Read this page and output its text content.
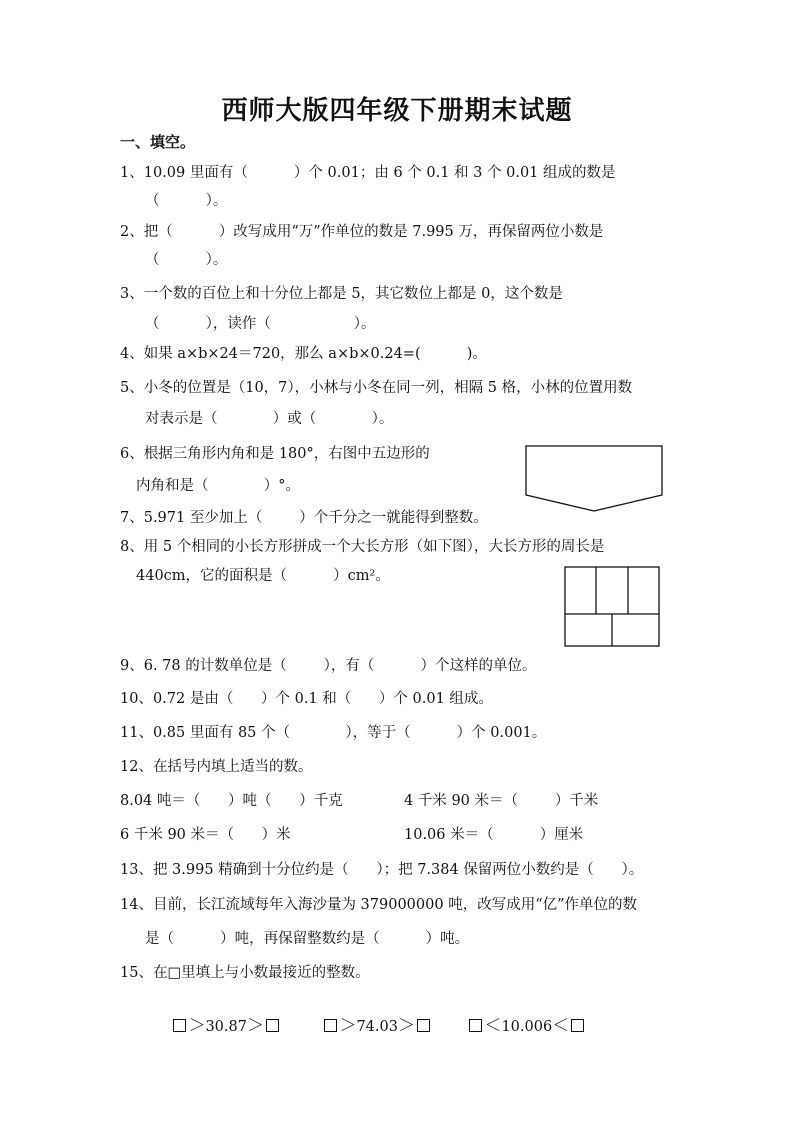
西师大版四年级下册期末试题
一、填空。
1、10.09 里面有（          ）个 0.01；由 6 个 0.1 和 3 个 0.01 组成的数是
（          ）。
2、把（          ）改写成用“万”作单位的数是 7.995 万，再保留两位小数是
（          ）。
3、一个数的百位上和十分位上都是 5，其它数位上都是 0，这个数是
（          ），读作（                  ）。
4、如果 a×b×24＝720，那么 a×b×0.24=(          )。
5、小冬的位置是（10，7），小林与小冬在同一列，相隔 5 格，小林的位置用数
对表示是（            ）或（            ）。
6、根据三角形内角和是 180°，右图中五边形的
内角和是（            ）°。
7、5.971 至少加上（        ）个千分之一就能得到整数。
8、用 5 个相同的小长方形拼成一个大长方形（如下图），大长方形的周长是
440cm，它的面积是（          ）cm²。
9、6. 78 的计数单位是（        ），有（          ）个这样的单位。
10、0.72 是由（      ）个 0.1 和（      ）个 0.01 组成。
11、0.85 里面有 85 个（            ），等于（          ）个 0.001。
12、在括号内填上适当的数。
8.04 吨＝（      ）吨（      ）千克	4 千米 90 米＝（        ）千米
6 千米 90 米＝（      ）米	10.06 米＝（          ）厘米
13、把 3.995 精确到十分位约是（      ）；把 7.384 保留两位小数约是（      ）。
14、目前，长江流域每年入海沙量为 379000000 吨，改写成用“亿”作单位的数
是（          ）吨，再保留整数约是（          ）吨。
15、在□里填上与小数最接近的整数。

＞30.87＞
	＞74.03＞
	＜10.006＜
